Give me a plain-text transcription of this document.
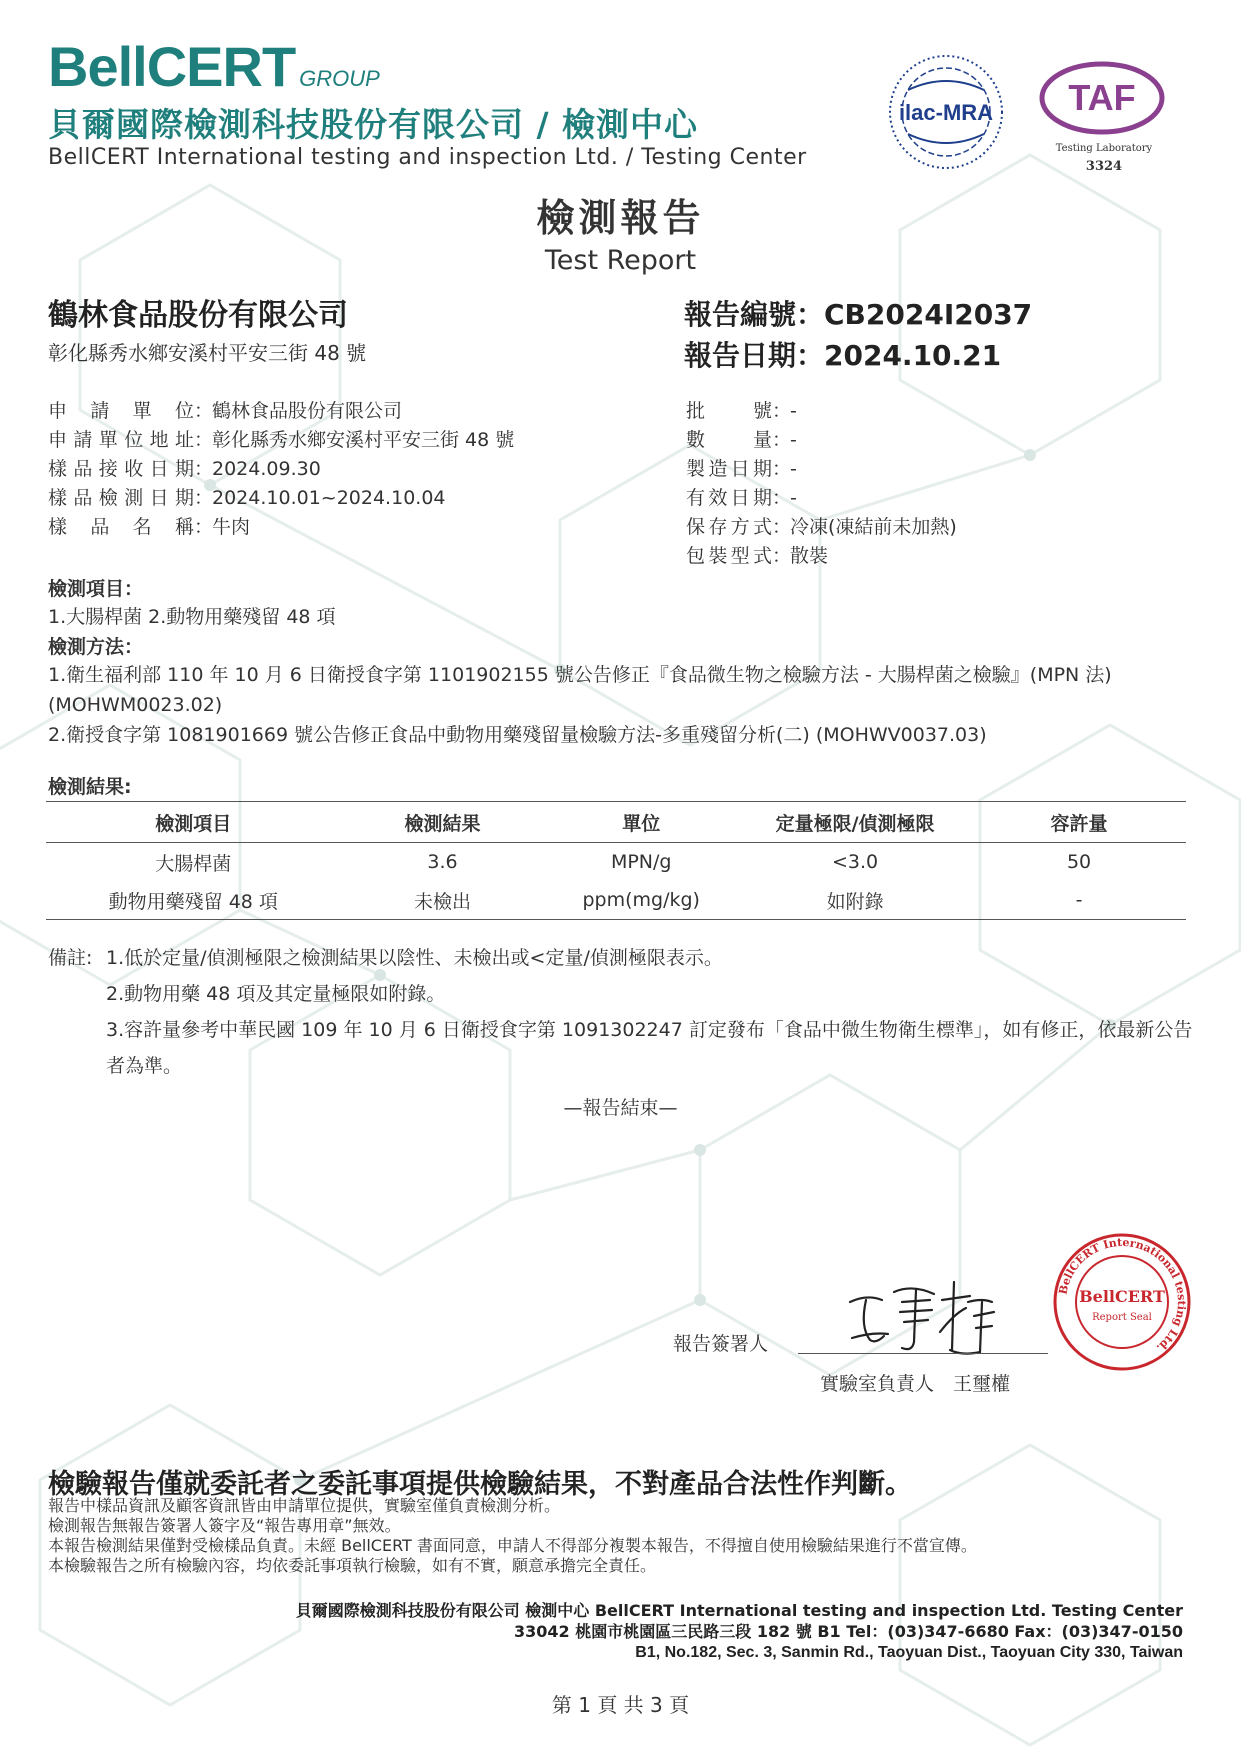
BellCERT GROUP
貝爾國際檢測科技股份有限公司 / 檢測中心
BellCERT International testing and inspection Ltd. / Testing Center
ilac-MRA TAF
Testing Laboratory
3324
檢測報告
Test Report
鶴林食品股份有限公司
彰化縣秀水鄉安溪村平安三街 48 號
報告編號：CB2024I2037
報告日期：2024.10.21
申請單位 ：
鶴林食品股份有限公司
申請單位地址 ：
彰化縣秀水鄉安溪村平安三街 48 號
樣品接收日期 ：
2024.09.30
樣品檢測日期 ：
2024.10.01~2024.10.04
樣品名稱 ：
牛肉
批號 ：
-
數量 ：
-
製造日期 ：
-
有效日期 ：
-
保存方式 ：
冷凍(凍結前未加熱)
包裝型式 ：
散裝
檢測項目：
1.大腸桿菌 2.動物用藥殘留 48 項
檢測方法：
1.衛生福利部 110 年 10 月 6 日衛授食字第 1101902155 號公告修正『食品微生物之檢驗方法 - 大腸桿菌之檢驗』(MPN 法) (MOHWM0023.02)
2.衛授食字第 1081901669 號公告修正食品中動物用藥殘留量檢驗方法-多重殘留分析(二) (MOHWV0037.03)
檢測結果:
檢測項目	檢測結果	單位	定量極限/偵測極限	容許量
大腸桿菌	3.6	MPN/g	<3.0	50
動物用藥殘留 48 項	未檢出	ppm(mg/kg)	如附錄	-
備註: 1.低於定量/偵測極限之檢測結果以陰性、未檢出或<定量/偵測極限表示。
2.動物用藥 48 項及其定量極限如附錄。
3.容許量參考中華民國 109 年 10 月 6 日衛授食字第 1091302247 訂定發布「食品中微生物衛生標準」，如有修正，依最新公告者為準。
—報告結束—
報告簽署人
實驗室負責人　王璽權
BellCERT International testing Ltd.
BellCERT
Report Seal
檢驗報告僅就委託者之委託事項提供檢驗結果，不對產品合法性作判斷。
報告中樣品資訊及顧客資訊皆由申請單位提供，實驗室僅負責檢測分析。
檢測報告無報告簽署人簽字及“報告專用章”無效。
本報告檢測結果僅對受檢樣品負責。未經 BellCERT 書面同意，申請人不得部分複製本報告，不得擅自使用檢驗結果進行不當宣傳。
本檢驗報告之所有檢驗內容，均依委託事項執行檢驗，如有不實，願意承擔完全責任。
貝爾國際檢測科技股份有限公司 檢測中心 BellCERT International testing and inspection Ltd. Testing Center
33042 桃園市桃園區三民路三段 182 號 B1 Tel：(03)347-6680 Fax：(03)347-0150
B1, No.182, Sec. 3, Sanmin Rd., Taoyuan Dist., Taoyuan City 330, Taiwan
第 1 頁 共 3 頁
